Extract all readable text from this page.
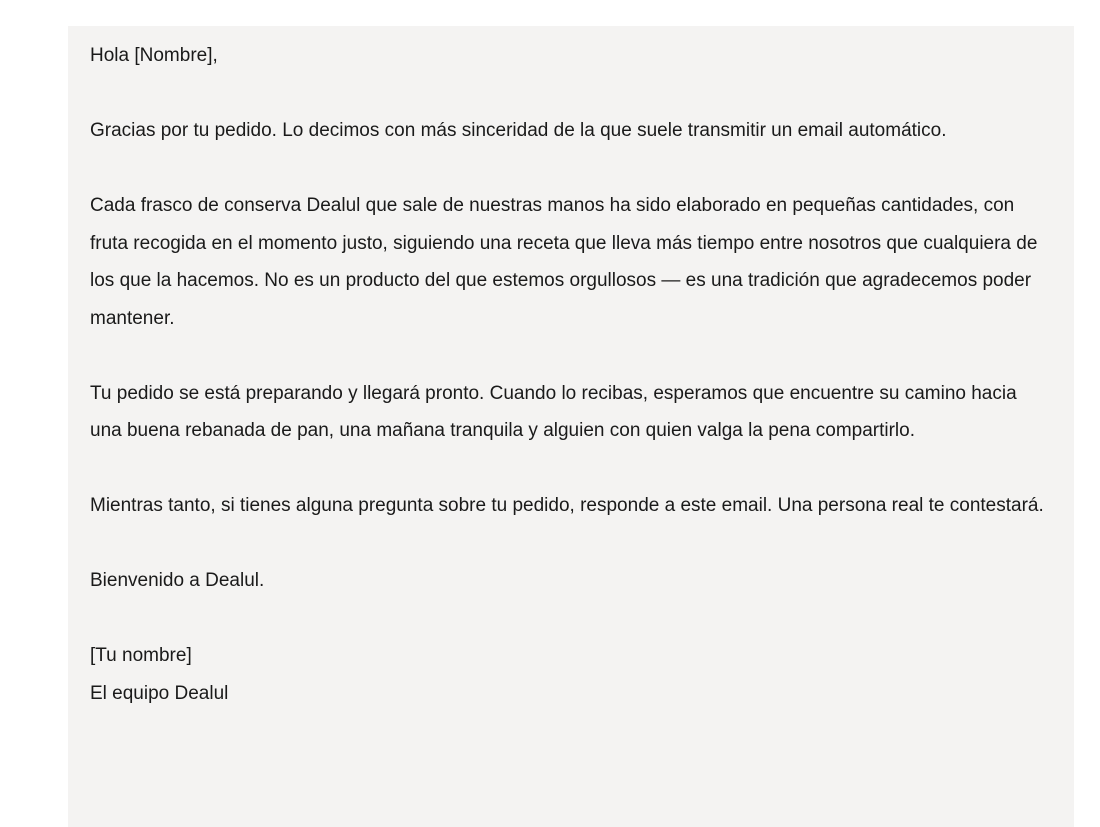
Hola [Nombre],

Gracias por tu pedido. Lo decimos con más sinceridad de la que suele transmitir un email automático.

Cada frasco de conserva Dealul que sale de nuestras manos ha sido elaborado en pequeñas cantidades, con fruta recogida en el momento justo, siguiendo una receta que lleva más tiempo entre nosotros que cualquiera de los que la hacemos. No es un producto del que estemos orgullosos — es una tradición que agradecemos poder mantener.

Tu pedido se está preparando y llegará pronto. Cuando lo recibas, esperamos que encuentre su camino hacia una buena rebanada de pan, una mañana tranquila y alguien con quien valga la pena compartirlo.

Mientras tanto, si tienes alguna pregunta sobre tu pedido, responde a este email. Una persona real te contestará.

Bienvenido a Dealul.

[Tu nombre]

El equipo Dealul
